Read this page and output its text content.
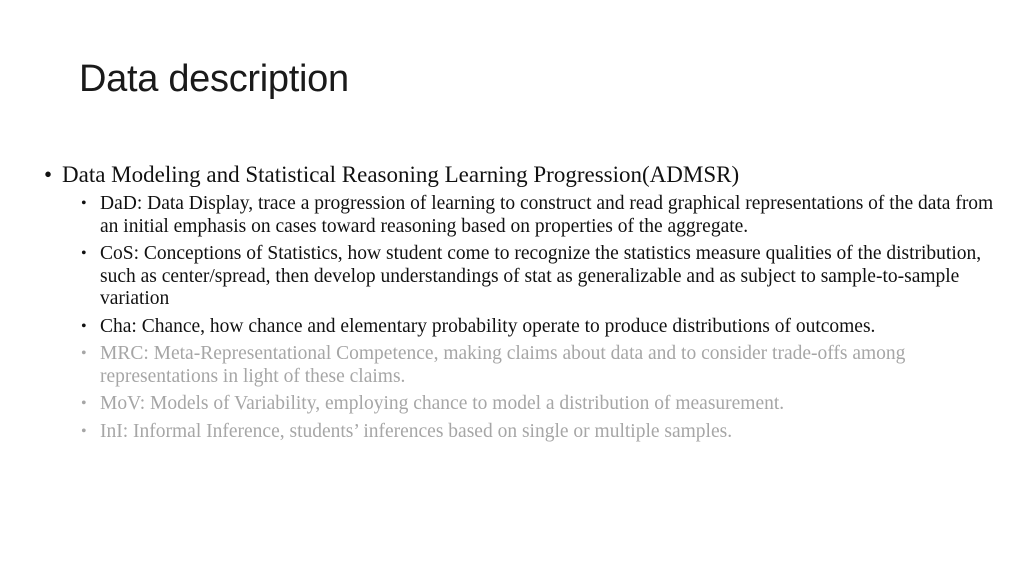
Data description
• Data Modeling and Statistical Reasoning Learning Progression(ADMSR)
• DaD: Data Display, trace a progression of learning to construct and read graphical representations of the data from an initial emphasis on cases toward reasoning based on properties of the aggregate.
• CoS: Conceptions of Statistics, how student come to recognize the statistics measure qualities of the distribution, such as center/spread, then develop understandings of stat as generalizable and as subject to sample-to-sample variation
• Cha: Chance, how chance and elementary probability operate to produce distributions of outcomes.
• MRC: Meta-Representational Competence, making claims about data and to consider trade-offs among representations in light of these claims.
• MoV: Models of Variability, employing chance to model a distribution of measurement.
• InI: Informal Inference, students’ inferences based on single or multiple samples.
